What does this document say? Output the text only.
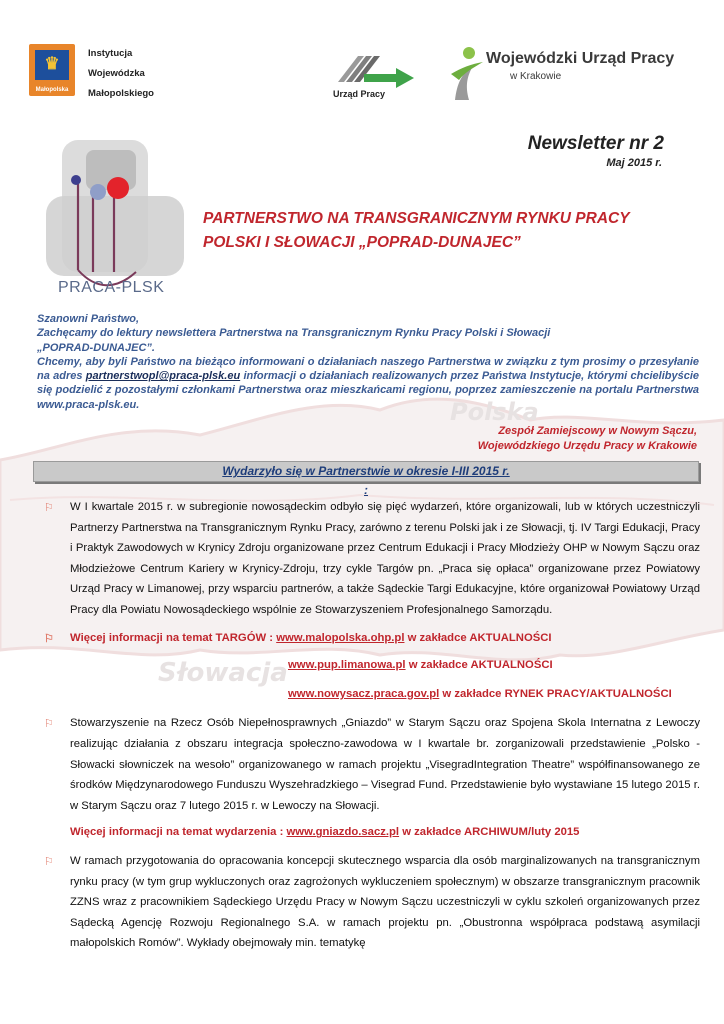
Polska
Słowacja
♛
Małopolska
Instytucja
Wojewódzka
Małopolskiego	Urząd Pracy
Wojewódzki Urząd Pracy
w Krakowie
Newsletter nr 2
Maj 2015 r.
PRACA-PLSK
PARTNERSTWO NA TRANSGRANICZNYM RYNKU PRACY
POLSKI I SŁOWACJI „POPRAD-DUNAJEC”

Szanowni Państwo,

Zachęcamy do lektury newslettera Partnerstwa na Transgranicznym Rynku Pracy Polski i Słowacji

„POPRAD-DUNAJEC”.

Chcemy, aby byli Państwo na bieżąco informowani o działaniach naszego Partnerstwa w związku z tym prosimy o przesyłanie na adres partnerstwopl@praca-plsk.eu informacji o działaniach realizowanych przez Państwa Instytucje, którymi chcielibyście się podzielić z pozostałymi członkami Partnerstwa oraz mieszkańcami regionu, poprzez zamieszczenie na portalu Partnerstwa www.praca-plsk.eu.

Zespół Zamiejscowy w Nowym Sączu,
Wojewódzkiego Urzędu Pracy w Krakowie
Wydarzyło się w Partnerstwie w okresie I-III 2015 r.
:
⚐	W I kwartale 2015 r. w subregionie nowosądeckim odbyło się pięć wydarzeń, które organizowali, lub w których uczestniczyli Partnerzy Partnerstwa na Transgranicznym Rynku Pracy, zarówno z terenu Polski jak i ze Słowacji, tj. IV Targi Edukacji, Pracy i Praktyk Zawodowych w Krynicy Zdroju organizowane przez Centrum Edukacji i Pracy Młodzieży OHP w Nowym Sączu oraz Młodzieżowe Centrum Kariery w Krynicy-Zdroju, trzy cykle Targów pn. „Praca się opłaca” organizowane przez Powiatowy Urząd Pracy w Limanowej, przy wsparciu partnerów, a także Sądeckie Targi Edukacyjne, które organizował Powiatowy Urząd Pracy dla Powiatu Nowosądeckiego wspólnie ze Stowarzyszeniem Profesjonalnego Samorządu.
⚐	Więcej informacji na temat TARGÓW : www.malopolska.ohp.pl w zakładce AKTUALNOŚCI
www.pup.limanowa.pl w zakładce AKTUALNOŚCI
www.nowysacz.praca.gov.pl w zakładce RYNEK PRACY/AKTUALNOŚCI
⚐	Stowarzyszenie na Rzecz Osób Niepełnosprawnych „Gniazdo” w Starym Sączu oraz Spojena Skola Internatna z Lewoczy realizując działania z obszaru integracja społeczno-zawodowa w I kwartale br. zorganizowali przedstawienie „Polsko - Słowacki słowniczek na wesoło” organizowanego w ramach projektu „VisegradIntegration Theatre” współfinansowanego ze środków Międzynarodowego Funduszu Wyszehradzkiego – Visegrad Fund. Przedstawienie było wystawiane 15 lutego 2015 r. w Starym Sączu oraz 7 lutego 2015 r. w Lewoczy na Słowacji.
Więcej informacji na temat wydarzenia : www.gniazdo.sacz.pl w zakładce ARCHIWUM/luty 2015
⚐	W ramach przygotowania do opracowania koncepcji skutecznego wsparcia dla osób marginalizowanych na transgranicznym rynku pracy (w tym grup wykluczonych oraz zagrożonych wykluczeniem społecznym) w obszarze transgranicznym pracownik ZZNS wraz z pracownikiem Sądeckiego Urzędu Pracy w Nowym Sączu uczestniczyli w cyklu szkoleń organizowanych przez Sądecką Agencję Rozwoju Regionalnego S.A. w ramach projektu pn. „Obustronna współpraca podstawą asymilacji małopolskich Romów”. Wykłady obejmowały min. tematykę
